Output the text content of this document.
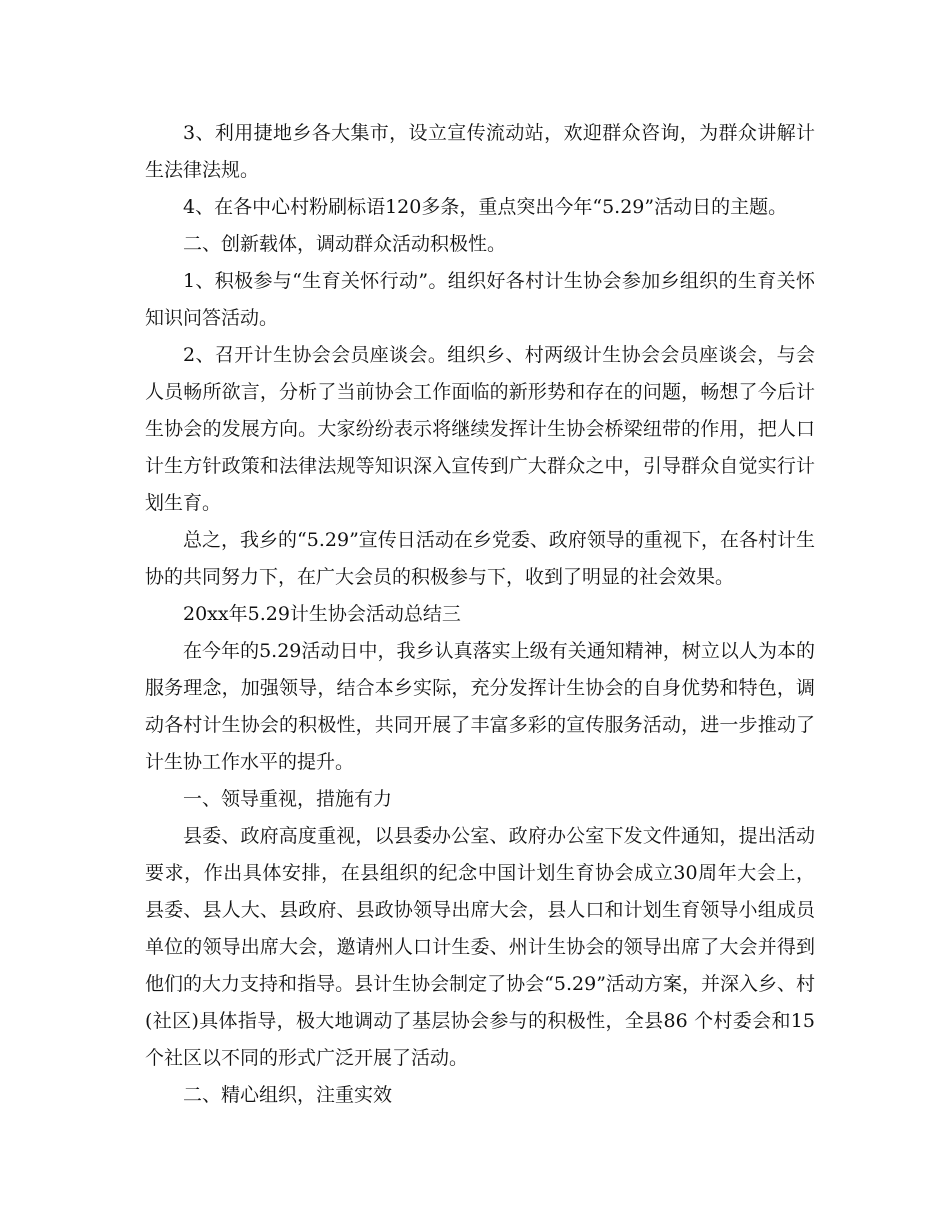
3、利用捷地乡各大集市，设立宣传流动站，欢迎群众咨询，为群众讲解计生法律法规。

4、在各中心村粉刷标语120多条，重点突出今年“5.29”活动日的主题。

二、创新载体，调动群众活动积极性。

1、积极参与“生育关怀行动”。组织好各村计生协会参加乡组织的生育关怀知识问答活动。

2、召开计生协会会员座谈会。组织乡、村两级计生协会会员座谈会，与会人员畅所欲言，分析了当前协会工作面临的新形势和存在的问题，畅想了今后计生协会的发展方向。大家纷纷表示将继续发挥计生协会桥梁纽带的作用，把人口计生方针政策和法律法规等知识深入宣传到广大群众之中，引导群众自觉实行计划生育。

总之，我乡的“5.29”宣传日活动在乡党委、政府领导的重视下，在各村计生协的共同努力下，在广大会员的积极参与下，收到了明显的社会效果。

20xx年5.29计生协会活动总结三

在今年的5.29活动日中，我乡认真落实上级有关通知精神，树立以人为本的服务理念，加强领导，结合本乡实际，充分发挥计生协会的自身优势和特色，调动各村计生协会的积极性，共同开展了丰富多彩的宣传服务活动，进一步推动了计生协工作水平的提升。

一、领导重视，措施有力

县委、政府高度重视，以县委办公室、政府办公室下发文件通知，提出活动要求，作出具体安排，在县组织的纪念中国计划生育协会成立30周年大会上，县委、县人大、县政府、县政协领导出席大会，县人口和计划生育领导小组成员单位的领导出席大会，邀请州人口计生委、州计生协会的领导出席了大会并得到他们的大力支持和指导。县计生协会制定了协会“5.29”活动方案，并深入乡、村(社区)具体指导，极大地调动了基层协会参与的积极性，全县86 个村委会和15个社区以不同的形式广泛开展了活动。

二、精心组织，注重实效
